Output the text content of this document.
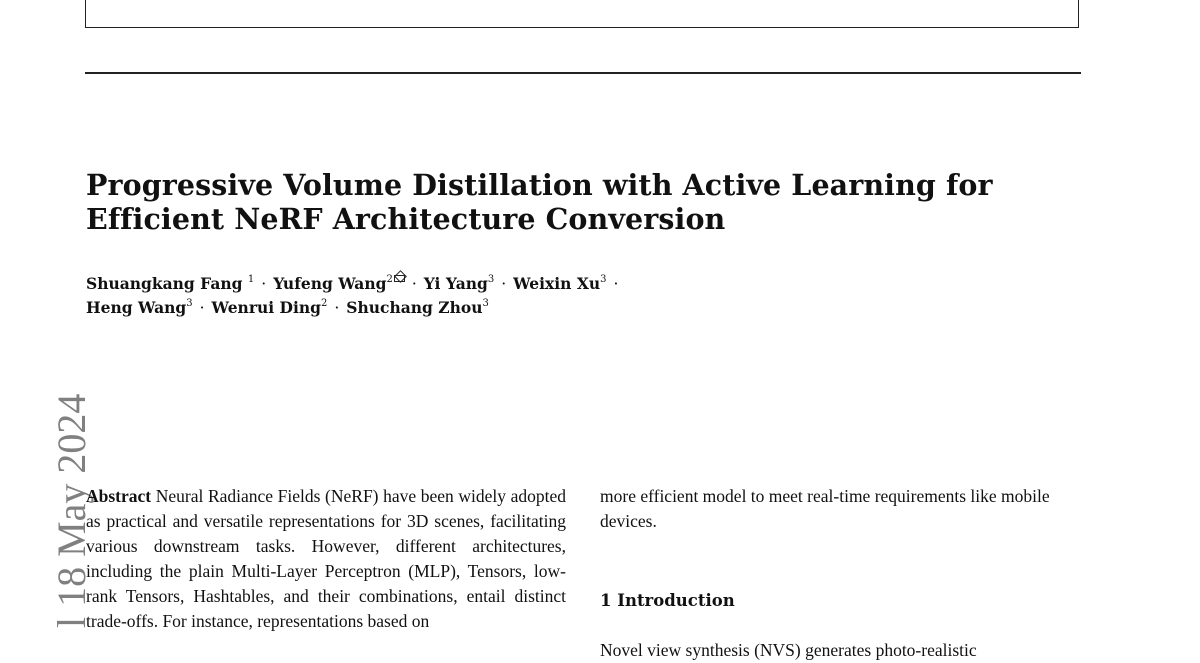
Progressive Volume Distillation with Active Learning for
Efficient NeRF Architecture Conversion
Shuangkang Fang $^1$ · Yufeng Wang$^2$ · Yi Yang$^3$ · Weixin $Xu^3$ ·
Heng Wang$^3$ · Wenrui Ding$^2$ · Shuchang Zhou$^3$
l 18 May 2024
Abstract Neural Radiance Fields (NeRF) have been widely adopted as practical and versatile representations for 3D scenes, facilitating various downstream tasks. However, different architectures, including the plain Multi-Layer Perceptron (MLP), Tensors, low-rank Tensors, Hashtables, and their combinations, entail distinct trade-offs. For instance, representations based on
more efficient model to meet real-time requirements like mobile devices.
1 Introduction
Novel view synthesis (NVS) generates photo-realistic
